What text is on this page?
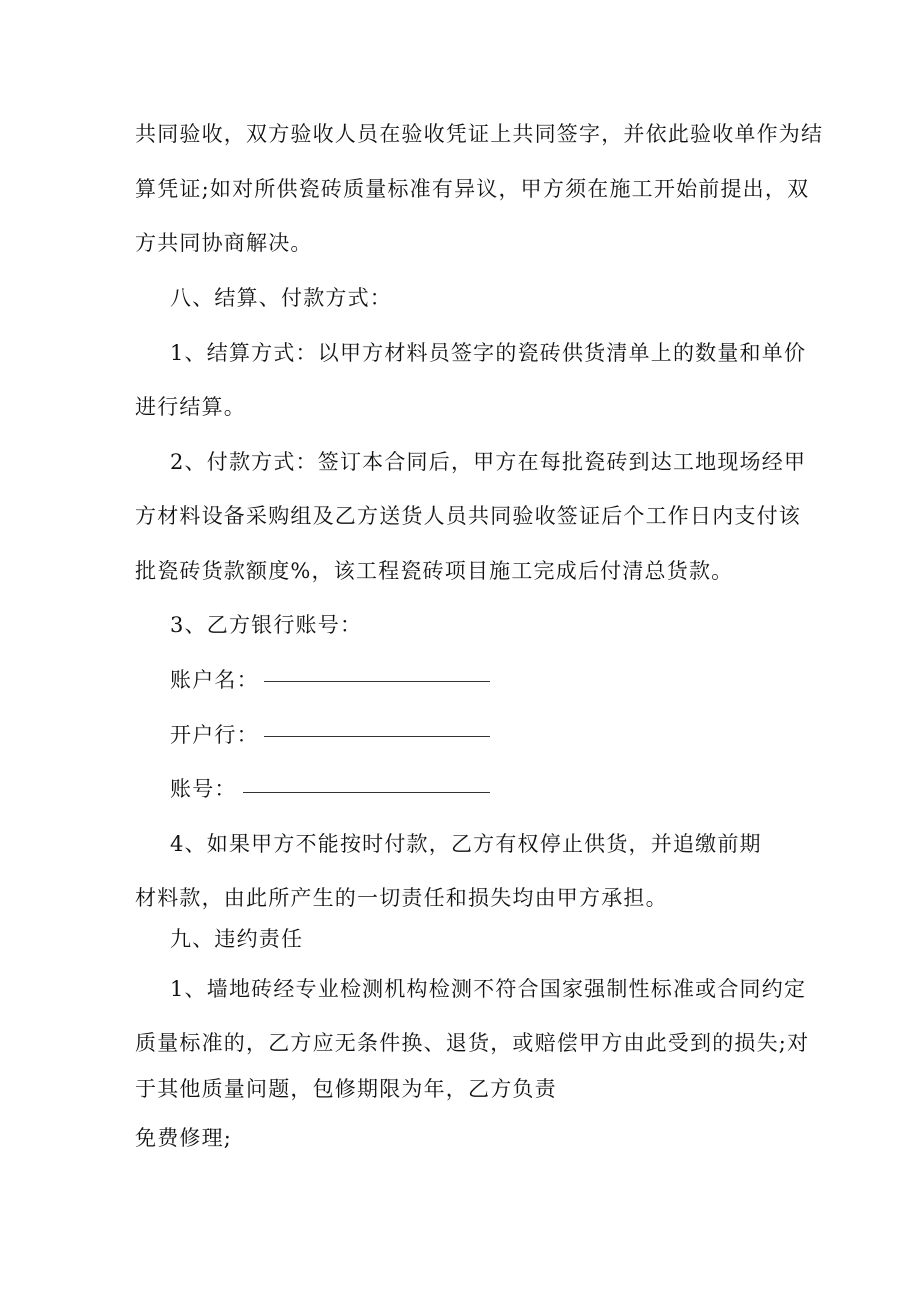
共同验收，双方验收人员在验收凭证上共同签字，并依此验收单作为结
算凭证;如对所供瓷砖质量标准有异议，甲方须在施工开始前提出，双
方共同协商解决。
八、结算、付款方式：
1、结算方式：以甲方材料员签字的瓷砖供货清单上的数量和单价
进行结算。
2、付款方式：签订本合同后，甲方在每批瓷砖到达工地现场经甲
方材料设备采购组及乙方送货人员共同验收签证后个工作日内支付该
批瓷砖货款额度%，该工程瓷砖项目施工完成后付清总货款。
3、乙方银行账号：
账户名：
开户行：
账号：
4、如果甲方不能按时付款，乙方有权停止供货，并追缴前期
材料款，由此所产生的一切责任和损失均由甲方承担。
九、违约责任
1、墙地砖经专业检测机构检测不符合国家强制性标准或合同约定
质量标准的，乙方应无条件换、退货，或赔偿甲方由此受到的损失;对
于其他质量问题，包修期限为年，乙方负责
免费修理;
